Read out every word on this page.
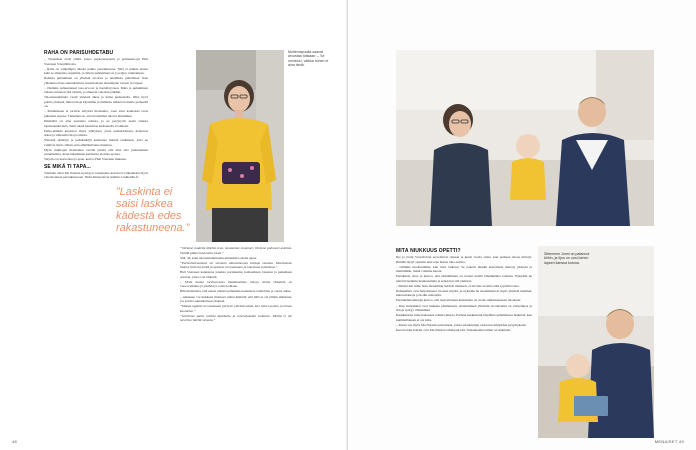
RAHA ON PARISUHDETABU

– Vastaukset eivät yllätä, sanoo psykoterapeutti ja perheneuvoja Heli Vaarasen Väestöliitosta.

– Raha on vaikeimpia aiheita puhua parisuhteessa. Siitä ei puhuta ennen kuin se aiheuttaa ongelmia, ja silloin puhuminen on jo paljon vaikeampaa.

Rahasta puhuminen on yhteistä arvoista ja unelmista puhumista. Kun yhteinen talous suunnitellaan, huomioidaan molempien toiveet ja tarpeet.

– Olemme sulkeutuneet tasa-arvoon ja itsenäisyyteen. Raha ja puhuminen rahasta tuntuvat yhä tabulta, ja aiheesta vaietaan pitkään.

Taloussuunnittelu vaatii yhteistä aikaa ja halua keskustella. Olisi hyvä pohtia yhdessä, miten tuloja käytetään ja millaisia säästötavoitteita perheellä on.

– Puhumiseen ei tarvitse erityistä tilaisuutta, vaan asiat kannattaa ottaa puheeksi arjessa. Tärkeintä on, että molemmat tulevat kuulluiksi.

Ilmeisiltä on aina asenteita rahasta, ja ne periytyvät usein omasta lapsuudenkodista. Siksi niistä kannattaa keskustella avoimesti.

Perhe-elämän kuuluvat myös yllätykset, joten puskurirahasto helpottaa arkea ja vähentää riitoja rahasta.

Yhteisiä sääntöjä ja pelisääntöjä kannattaa miettiä etukäteen, jotta ne toimivat myös silloin, kun elämäntilanne muuttuu.

Myös tiukkojen tilanteiden varalle pitäisi olla aina olla jonkinlainen suunnitelma. Avun hakeminen kannattaa aloittaa ajoissa.

Tarjolla on neuvontaa ja apua, kertoo Heli Vaarasen mukaan.

SE MIKÄ TI TAPA...

Toimalla omat Me Naisten kyselyyn vastanneita kertoivat vaikeuksien myös vaivattomaan parisuhteeseen. Nimi kiinnostuvat meihin: tonkkaille.fi.

Mollemapuolta saavat arvostaa toisiaan: – Se onnistuu, vaikka toinen ei aina tiedä.
”Laskinta ei saisi laskea kädestä edes rakastuneena.”

”Olemme tuodella läheltä erua, muutamme ennmmer. Olemme puhuneet asioista. Välillä pitäisi kuunnella toista.”

Sitä, 36, koki taloussuunnittelun kuitenkin toisella tapaa.

”Parisuhteessamme oli siemmin alkuvaiheessa kiistoja rahasta. Muuttumme tilanne tiehensi meitä ja opimme arvostamaan ja tukemaan toisiamme.”

Heli Vaarasen kannustaa jokaista pariskuntaa kohtaamaan toisensa ja puhumaan asioista, jotka ovat tärkeitä.

– Moni luulee tarvitsevansa matemaattisia taitoja, mutta tärkeintä on vuorovaikutus ja ymmärrys toista kohtaan.

Hän muistuttaa, että ennen rahasta puhumista kannattaa rauhoittua ja varata aikaa.

– Aikainen voi tiukkaan tilanteen tullen käsittää, että hätä ei ole tämän näköinen, jos asioita suunnitellaan yhdessä.

”Muista oppikin arvostamaan perheen yhteistä aikaa, kun toinen puhuu ja toinen kuuntelee.”

”Selvimme paitsi toisilla äpärkulla ja tulevaisuuden luottarin. Meillä ei ole tarvetta riidellä rahasta.”

48
MITÄ NIUKKUUS OPETTI?

Iljo ja Jonni Vuorinviran erotoittavat rahasta ja kuusi vuotta sitten, kun perheen talous kiristyi. Heidän täytyi opetella uusi tapa hoitaa raha-asioita.

– Olimme huolissamme, kun tulot laskivat. Se pakotti meidät katsomaan menoja yhdessä ja miettimään, mistä voimme karsia.

Pariskunta ottaa ja kertoo, että säästäminen on tuonut heidät lähemmäksi toisiaan. Nykyään he tekevät budjetin kuukausittain ja seuraavat sitä yhdessä.

– Meistä tuli tiimi. Kun molemmat tietävät tilanteen, ei tarvitse arvailla eikä syytellä toista.

Rahapuheet ovat helpottuneet vuosien myötä, ja nykyään he suunnittelevat myös yhteisiä unelmia, kuten matkoja ja kodin remonttia.

Parisuhdekouluttaja kertoo, että tasavertainen keskustelu on avain onnistuneeseen talouteen.

– Kun molemmat ovat mukana päätöksissä, sitoutuminen yhteisiin tavoitteisiin on vahvempaa ja riitoja syntyy vähemmän.

Kiukkuisena tulee hakeneen rahasta kiistaa. Parhaat keskustelut käydään rauhallisessa hetkessä, kun kummallakaan ei ole kiire.

– Tukea saa myös Me Naisten palveluista, joissa asiantuntijat vastaavat lukijoiden kysymyksiin.

Kursivoidut kohdat ovat Me Naisten rahakyselystä. Vastanneiden nimet on muutettu.

Sittemmin Jonni on palannut töihin, ja Iljon on uusi toinen lapsen kanssa kotona.
MENAISET 49
